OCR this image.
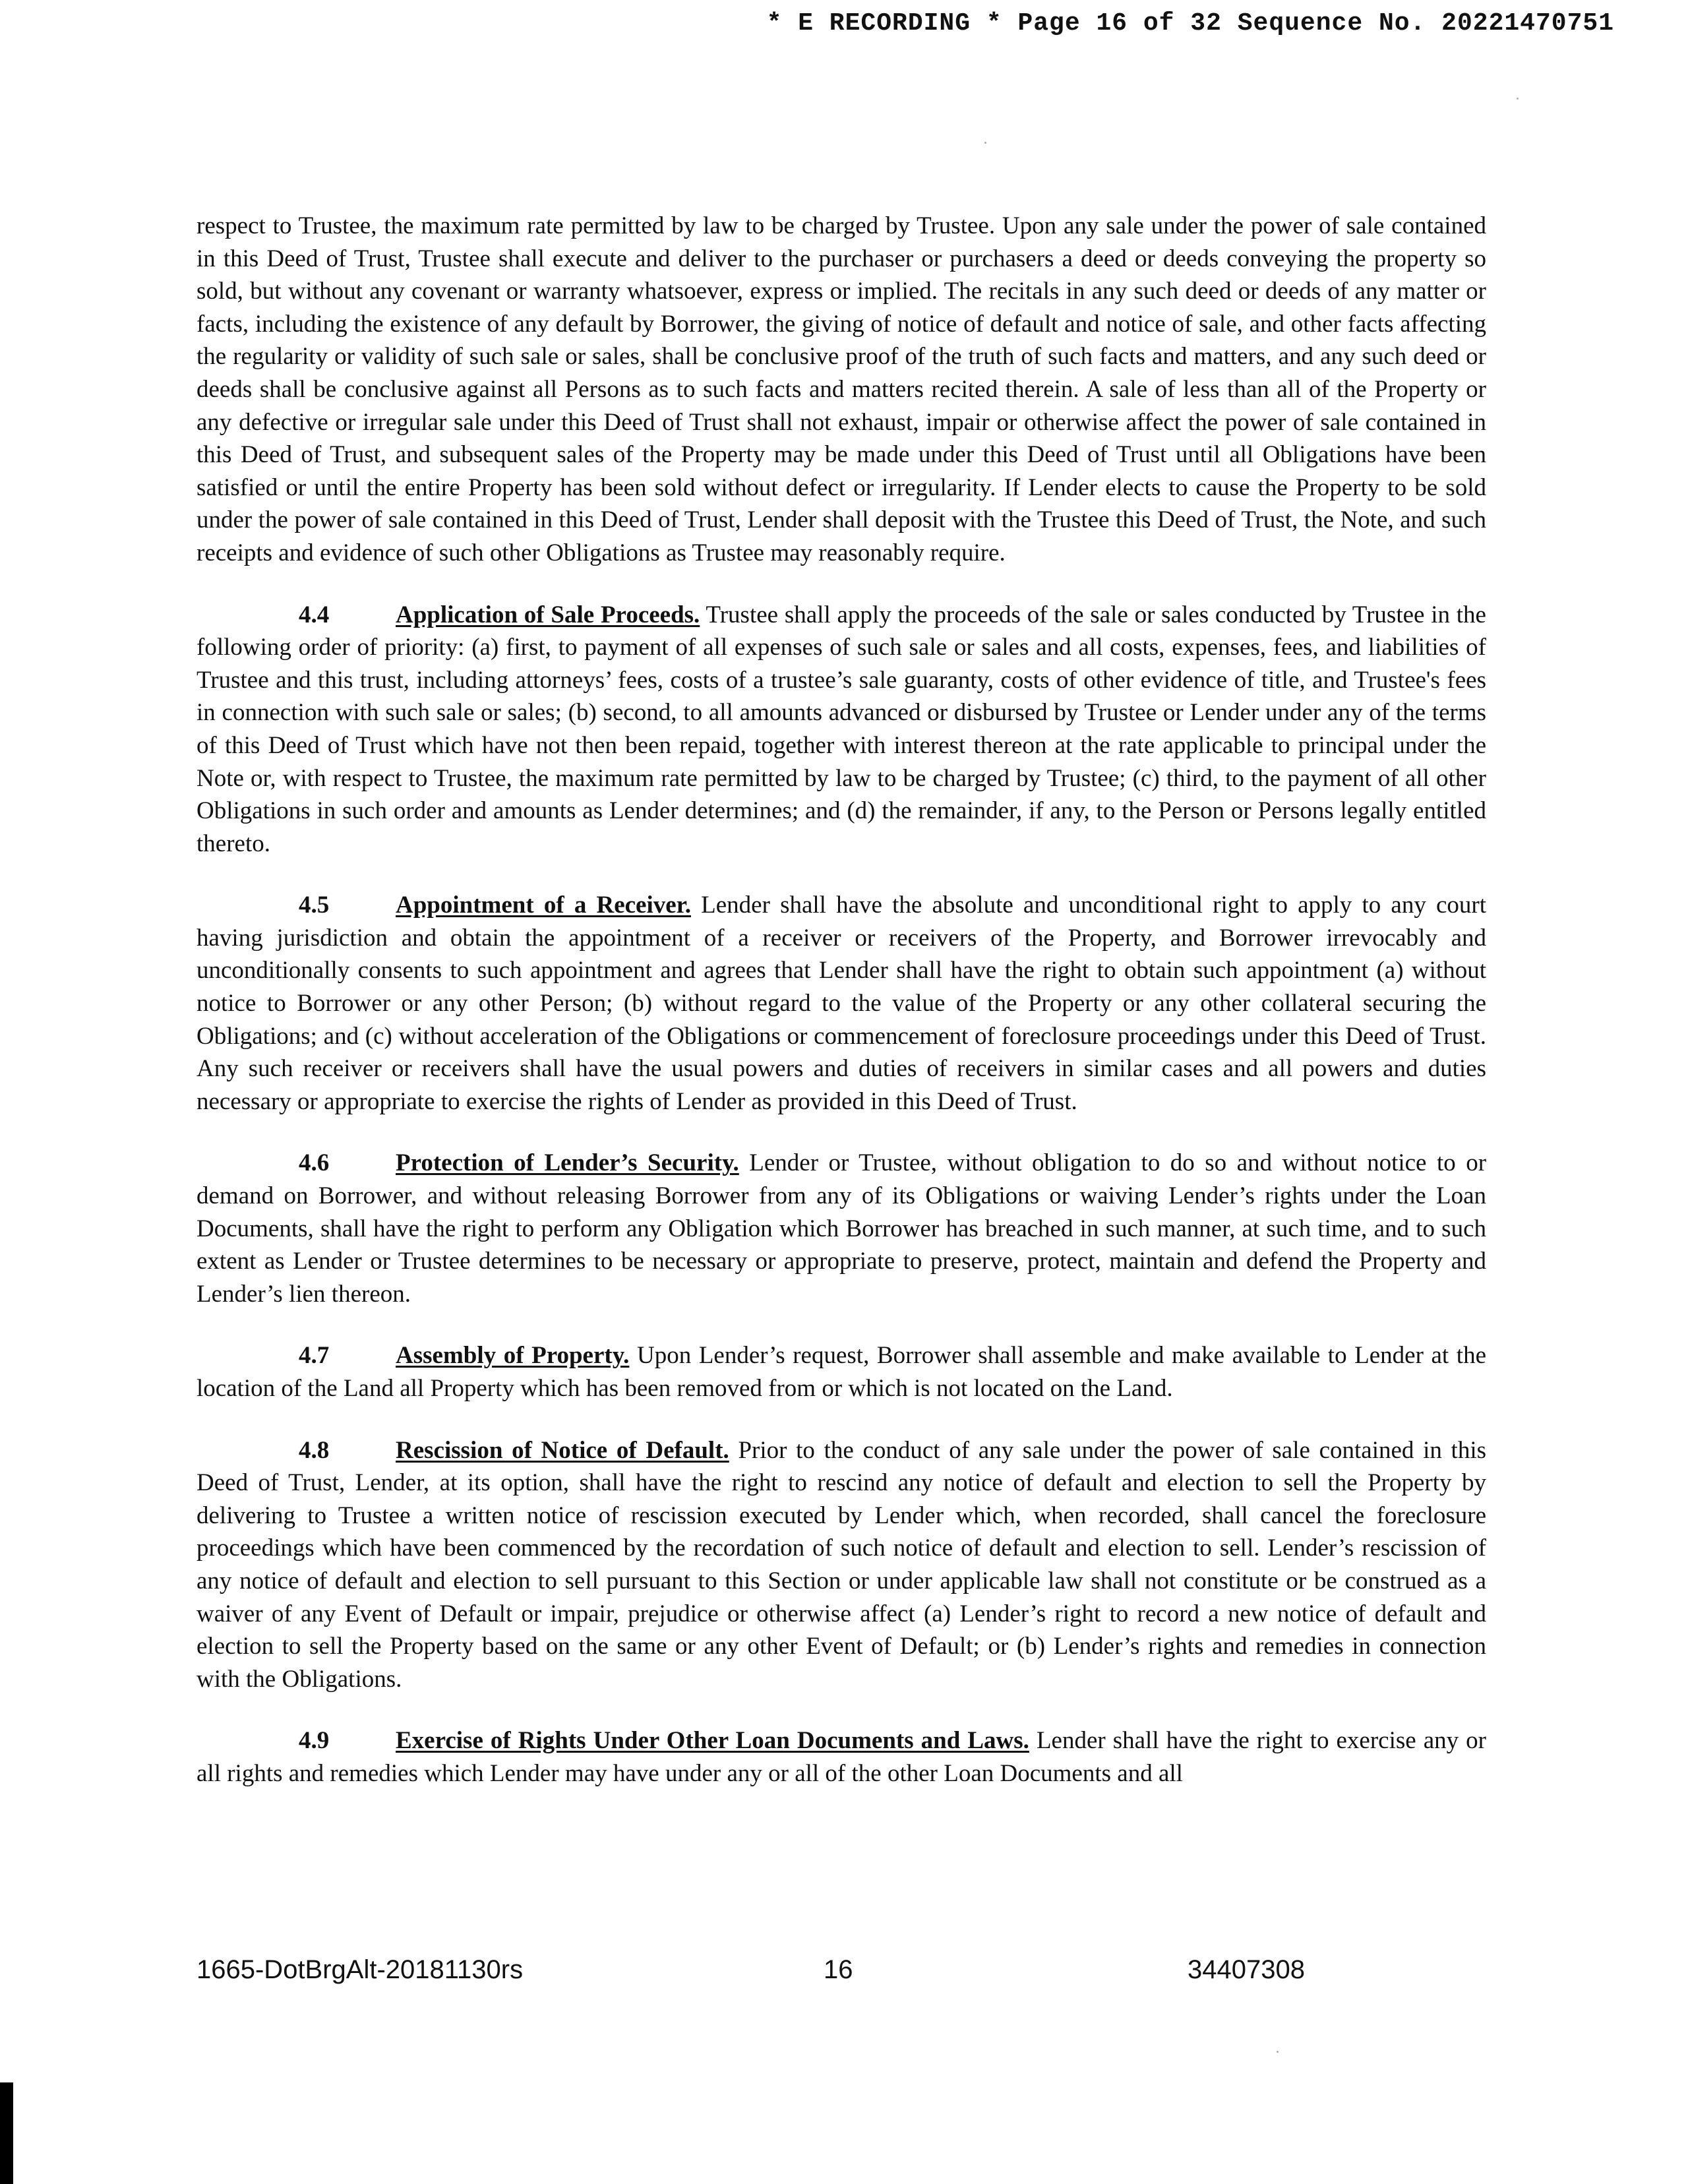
* E RECORDING * Page 16 of 32 Sequence No. 20221470751

respect to Trustee, the maximum rate permitted by law to be charged by Trustee. Upon any sale under the power of sale contained in this Deed of Trust, Trustee shall execute and deliver to the purchaser or purchasers a deed or deeds conveying the property so sold, but without any covenant or warranty whatsoever, express or implied. The recitals in any such deed or deeds of any matter or facts, including the existence of any default by Borrower, the giving of notice of default and notice of sale, and other facts affecting the regularity or validity of such sale or sales, shall be conclusive proof of the truth of such facts and matters, and any such deed or deeds shall be conclusive against all Persons as to such facts and matters recited therein. A sale of less than all of the Property or any defective or irregular sale under this Deed of Trust shall not exhaust, impair or otherwise affect the power of sale contained in this Deed of Trust, and subsequent sales of the Property may be made under this Deed of Trust until all Obligations have been satisfied or until the entire Property has been sold without defect or irregularity. If Lender elects to cause the Property to be sold under the power of sale contained in this Deed of Trust, Lender shall deposit with the Trustee this Deed of Trust, the Note, and such receipts and evidence of such other Obligations as Trustee may reasonably require.

4.4	Application of Sale Proceeds. Trustee shall apply the proceeds of the sale or sales conducted by Trustee in the following order of priority: (a) first, to payment of all expenses of such sale or sales and all costs, expenses, fees, and liabilities of Trustee and this trust, including attorneys’ fees, costs of a trustee’s sale guaranty, costs of other evidence of title, and Trustee's fees in connection with such sale or sales; (b) second, to all amounts advanced or disbursed by Trustee or Lender under any of the terms of this Deed of Trust which have not then been repaid, together with interest thereon at the rate applicable to principal under the Note or, with respect to Trustee, the maximum rate permitted by law to be charged by Trustee; (c) third, to the payment of all other Obligations in such order and amounts as Lender determines; and (d) the remainder, if any, to the Person or Persons legally entitled thereto.

4.5	Appointment of a Receiver. Lender shall have the absolute and unconditional right to apply to any court having jurisdiction and obtain the appointment of a receiver or receivers of the Property, and Borrower irrevocably and unconditionally consents to such appointment and agrees that Lender shall have the right to obtain such appointment (a) without notice to Borrower or any other Person; (b) without regard to the value of the Property or any other collateral securing the Obligations; and (c) without acceleration of the Obligations or commencement of foreclosure proceedings under this Deed of Trust. Any such receiver or receivers shall have the usual powers and duties of receivers in similar cases and all powers and duties necessary or appropriate to exercise the rights of Lender as provided in this Deed of Trust.

4.6	Protection of Lender’s Security. Lender or Trustee, without obligation to do so and without notice to or demand on Borrower, and without releasing Borrower from any of its Obligations or waiving Lender’s rights under the Loan Documents, shall have the right to perform any Obligation which Borrower has breached in such manner, at such time, and to such extent as Lender or Trustee determines to be necessary or appropriate to preserve, protect, maintain and defend the Property and Lender’s lien thereon.

4.7	Assembly of Property. Upon Lender’s request, Borrower shall assemble and make available to Lender at the location of the Land all Property which has been removed from or which is not located on the Land.

4.8	Rescission of Notice of Default. Prior to the conduct of any sale under the power of sale contained in this Deed of Trust, Lender, at its option, shall have the right to rescind any notice of default and election to sell the Property by delivering to Trustee a written notice of rescission executed by Lender which, when recorded, shall cancel the foreclosure proceedings which have been commenced by the recordation of such notice of default and election to sell. Lender’s rescission of any notice of default and election to sell pursuant to this Section or under applicable law shall not constitute or be construed as a waiver of any Event of Default or impair, prejudice or otherwise affect (a) Lender’s right to record a new notice of default and election to sell the Property based on the same or any other Event of Default; or (b) Lender’s rights and remedies in connection with the Obligations.

4.9	Exercise of Rights Under Other Loan Documents and Laws. Lender shall have the right to exercise any or all rights and remedies which Lender may have under any or all of the other Loan Documents and all

1665-DotBrgAlt-20181130rs	16	34407308
